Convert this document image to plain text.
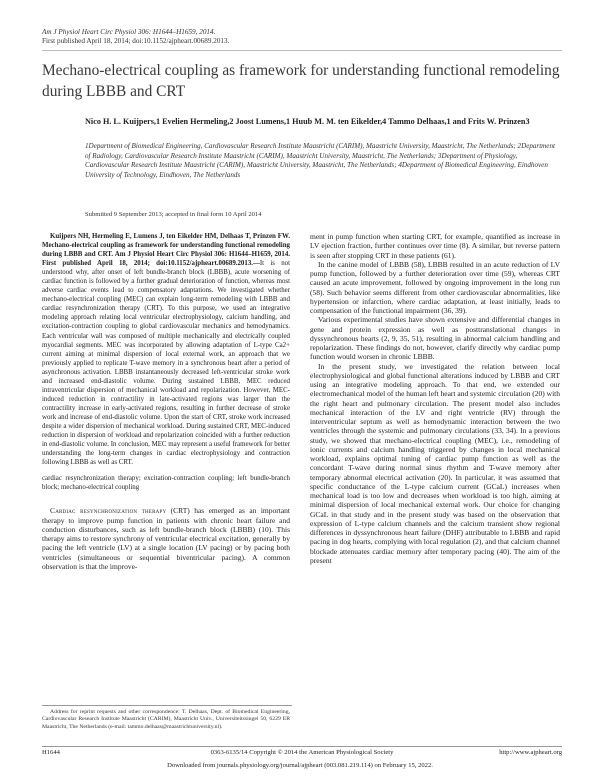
Am J Physiol Heart Circ Physiol 306: H1644–H1659, 2014.
First published April 18, 2014; doi:10.1152/ajpheart.00689.2013.
Mechano-electrical coupling as framework for understanding functional remodeling during LBBB and CRT
Nico H. L. Kuijpers,1 Evelien Hermeling,2 Joost Lumens,1 Huub M. M. ten Eikelder,4 Tammo Delhaas,1 and Frits W. Prinzen3
1Department of Biomedical Engineering, Cardiovascular Research Institute Maastricht (CARIM), Maastricht University, Maastricht, The Netherlands; 2Department of Radiology, Cardiovascular Research Institute Maastricht (CARIM), Maastricht University, Maastricht, The Netherlands; 3Department of Physiology, Cardiovascular Research Institute Maastricht (CARIM), Maastricht University, Maastricht, The Netherlands; 4Department of Biomedical Engineering, Eindhoven University of Technology, Eindhoven, The Netherlands
Submitted 9 September 2013; accepted in final form 10 April 2014

Kuijpers NH, Hermeling E, Lumens J, ten Eikelder HM, Delhaas T, Prinzen FW. Mechano-electrical coupling as framework for understanding functional remodeling during LBBB and CRT. Am J Physiol Heart Circ Physiol 306: H1644–H1659, 2014. First published April 18, 2014; doi:10.1152/ajpheart.00689.2013.—It is not understood why, after onset of left bundle-branch block (LBBB), acute worsening of cardiac function is followed by a further gradual deterioration of function, whereas most adverse cardiac events lead to compensatory adaptations. We investigated whether mechano-electrical coupling (MEC) can explain long-term remodeling with LBBB and cardiac resynchronization therapy (CRT). To this purpose, we used an integrative modeling approach relating local ventricular electrophysiology, calcium handling, and excitation-contraction coupling to global cardiovascular mechanics and hemodynamics. Each ventricular wall was composed of multiple mechanically and electrically coupled myocardial segments. MEC was incorporated by allowing adaptation of L-type Ca2+ current aiming at minimal dispersion of local external work, an approach that we previously applied to replicate T-wave memory in a synchronous heart after a period of asynchronous activation. LBBB instantaneously decreased left-ventricular stroke work and increased end-diastolic volume. During sustained LBBB, MEC reduced intraventricular dispersion of mechanical workload and repolarization. However, MEC-induced reduction in contractility in late-activated regions was larger than the contractility increase in early-activated regions, resulting in further decrease of stroke work and increase of end-diastolic volume. Upon the start of CRT, stroke work increased despite a wider dispersion of mechanical workload. During sustained CRT, MEC-induced reduction in dispersion of workload and repolarization coincided with a further reduction in end-diastolic volume. In conclusion, MEC may represent a useful framework for better understanding the long-term changes in cardiac electrophysiology and contraction following LBBB as well as CRT.

cardiac resynchronization therapy; excitation-contraction coupling; left bundle-branch block; mechano-electrical coupling

Cardiac resynchronization therapy (CRT) has emerged as an important therapy to improve pump function in patients with chronic heart failure and conduction disturbances, such as left bundle-branch block (LBBB) (10). This therapy aims to restore synchrony of ventricular electrical excitation, generally by pacing the left ventricle (LV) at a single location (LV pacing) or by pacing both ventricles (simultaneous or sequential biventricular pacing). A common observation is that the improve-

ment in pump function when starting CRT, for example, quantified as increase in LV ejection fraction, further continues over time (8). A similar, but reverse pattern is seen after stopping CRT in these patients (61).

In the canine model of LBBB (58), LBBB resulted in an acute reduction of LV pump function, followed by a further deterioration over time (59), whereas CRT caused an acute improvement, followed by ongoing improvement in the long run (58). Such behavior seems different from other cardiovascular abnormalities, like hypertension or infarction, where cardiac adaptation, at least initially, leads to compensation of the functional impairment (36, 39).

Various experimental studies have shown extensive and differential changes in gene and protein expression as well as posttranslational changes in dyssynchronous hearts (2, 9, 35, 51), resulting in abnormal calcium handling and repolarization. These findings do not, however, clarify directly why cardiac pump function would worsen in chronic LBBB.

In the present study, we investigated the relation between local electrophysiological and global functional alterations induced by LBBB and CRT using an integrative modeling approach. To that end, we extended our electromechanical model of the human left heart and systemic circulation (20) with the right heart and pulmonary circulation. The present model also includes mechanical interaction of the LV and right ventricle (RV) through the interventricular septum as well as hemodynamic interaction between the two ventricles through the systemic and pulmonary circulations (33, 34). In a previous study, we showed that mechano-electrical coupling (MEC), i.e., remodeling of ionic currents and calcium handling triggered by changes in local mechanical workload, explains optimal tuning of cardiac pump function as well as the concordant T-wave during normal sinus rhythm and T-wave memory after temporary abnormal electrical activation (20). In particular, it was assumed that specific conductance of the L-type calcium current (GCaL) increases when mechanical load is too low and decreases when workload is too high, aiming at minimal dispersion of local mechanical external work. Our choice for changing GCaL in that study and in the present study was based on the observation that expression of L-type calcium channels and the calcium transient show regional differences in dyssynchronous heart failure (DHF) attributable to LBBB and rapid pacing in dog hearts, complying with local regulation (2), and that calcium channel blockade attenuates cardiac memory after temporary pacing (40). The aim of the present

Address for reprint requests and other correspondence: T. Delhaas, Dept. of Biomedical Engineering, Cardiovascular Research Institute Maastricht (CARIM), Maastricht Univ., Universiteitssingel 50, 6229 ER Maastricht, The Netherlands (e-mail: tammo.delhaas@maastrichtuniversity.nl).

0363-6135/14 Copyright © 2014 the American Physiological Society
H1644	http://www.ajpheart.org
Downloaded from journals.physiology.org/journal/ajpheart (003.081.219.114) on February 15, 2022.
